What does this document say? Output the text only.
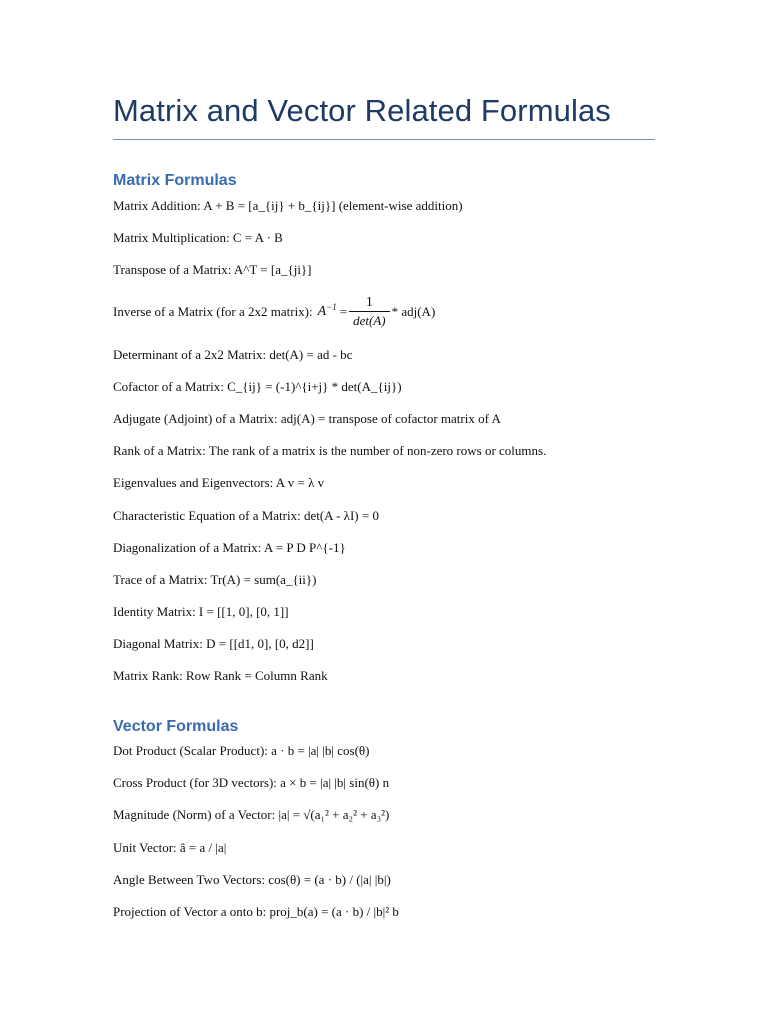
Matrix and Vector Related Formulas
Matrix Formulas
Matrix Addition: A + B = [a_{ij} + b_{ij}] (element-wise addition)
Matrix Multiplication: C = A · B
Transpose of a Matrix: A^T = [a_{ji}]
Inverse of a Matrix (for a 2x2 matrix): $A^{-1} = \frac{1}{\det(A)} * adj(A)$
Determinant of a 2x2 Matrix: det(A) = ad - bc
Cofactor of a Matrix: C_{ij} = (-1)^{i+j} * det(A_{ij})
Adjugate (Adjoint) of a Matrix: adj(A) = transpose of cofactor matrix of A
Rank of a Matrix: The rank of a matrix is the number of non-zero rows or columns.
Eigenvalues and Eigenvectors: A v = λ v
Characteristic Equation of a Matrix: det(A - λI) = 0
Diagonalization of a Matrix: A = P D P^{-1}
Trace of a Matrix: Tr(A) = sum(a_{ii})
Identity Matrix: I = [[1, 0], [0, 1]]
Diagonal Matrix: D = [[d1, 0], [0, d2]]
Matrix Rank: Row Rank = Column Rank
Vector Formulas
Dot Product (Scalar Product): a · b = |a| |b| cos(θ)
Cross Product (for 3D vectors): a × b = |a| |b| sin(θ) n
Magnitude (Norm) of a Vector: |a| = √(a₁² + a₂² + a₃²)
Unit Vector: â = a / |a|
Angle Between Two Vectors: cos(θ) = (a · b) / (|a| |b|)
Projection of Vector a onto b: proj_b(a) = (a · b) / |b|² b
